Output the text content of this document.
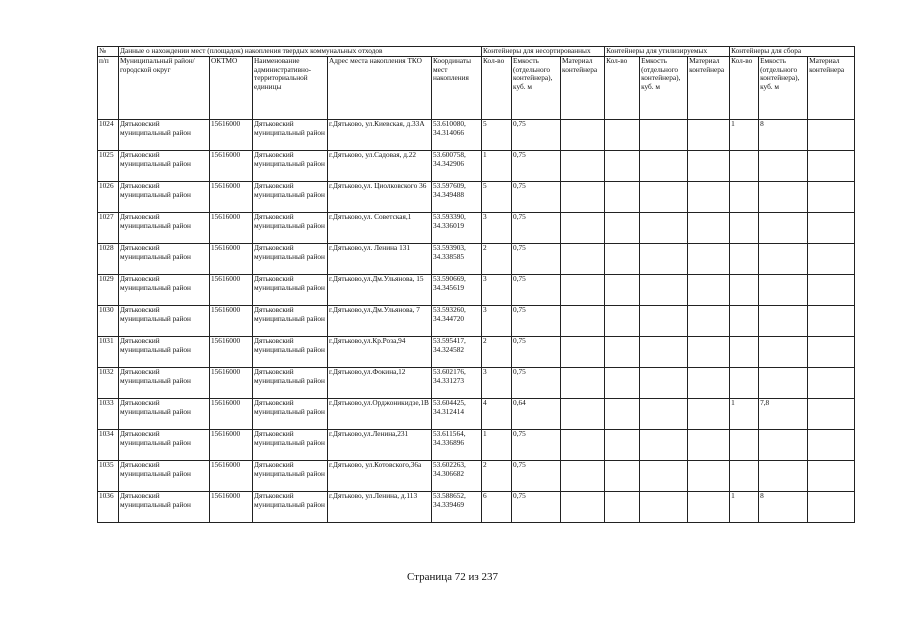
№	Данные о нахождении мест (площадок) накопления твердых коммунальных отходов					Контейнеры для несортированных			Контейнеры для утилизируемых			Контейнеры для сбора		
п/п	Муниципальный район/городской округ	ОКТМО	Наименование административно-территориальной единицы	Адрес места накопления ТКО	Координаты мест накопления	Кол-во	Емкость (отдельного контейнера), куб. м	Материал контейнера	Кол-во	Емкость (отдельного контейнера), куб. м	Материал контейнера	Кол-во	Емкость (отдельного контейнера), куб. м	Материал контейнера
1024	Дятьковский муниципальный район	15616000	Дятьковский муниципальный район	г.Дятьково, ул.Киевская, д.33А	53.610080, 34.314066	5	0,75					1	8	
1025	Дятьковский муниципальный район	15616000	Дятьковский муниципальный район	г.Дятьково, ул.Садовая, д.22	53.600758, 34.342906	1	0,75							
1026	Дятьковский муниципальный район	15616000	Дятьковский муниципальный район	г.Дятьково,ул. Циолковского 36	53.597609, 34.349488	5	0,75							
1027	Дятьковский муниципальный район	15616000	Дятьковский муниципальный район	г.Дятьково,ул. Советская,1	53.593390, 34.336019	3	0,75							
1028	Дятьковский муниципальный район	15616000	Дятьковский муниципальный район	г.Дятьково,ул. Ленина 131	53.593903, 34.338585	2	0,75							
1029	Дятьковский муниципальный район	15616000	Дятьковский муниципальный район	г.Дятьково,ул.Дм.Ульянова, 15	53.590669, 34.345619	3	0,75							
1030	Дятьковский муниципальный район	15616000	Дятьковский муниципальный район	г.Дятьково,ул.Дм.Ульянова, 7	53.593260, 34.344720	3	0,75							
1031	Дятьковский муниципальный район	15616000	Дятьковский муниципальный район	г.Дятьково,ул.Кр.Роза,94	53.595417, 34.324582	2	0,75							
1032	Дятьковский муниципальный район	15616000	Дятьковский муниципальный район	г.Дятьково,ул.Фокина,12	53.602176, 34.331273	3	0,75							
1033	Дятьковский муниципальный район	15616000	Дятьковский муниципальный район	г.Дятьково,ул.Орджоникидзе,1В	53.604425, 34.312414	4	0,64					1	7,8	
1034	Дятьковский муниципальный район	15616000	Дятьковский муниципальный район	г.Дятьково,ул.Ленина,231	53.611564, 34.336896	1	0,75							
1035	Дятьковский муниципальный район	15616000	Дятьковский муниципальный район	г.Дятьково, ул.Котовского,36а	53.602263, 34.306682	2	0,75							
1036	Дятьковский муниципальный район	15616000	Дятьковский муниципальный район	г.Дятьково, ул.Ленина, д.113	53.588652, 34.339469	6	0,75					1	8	
Страница 72 из 237
